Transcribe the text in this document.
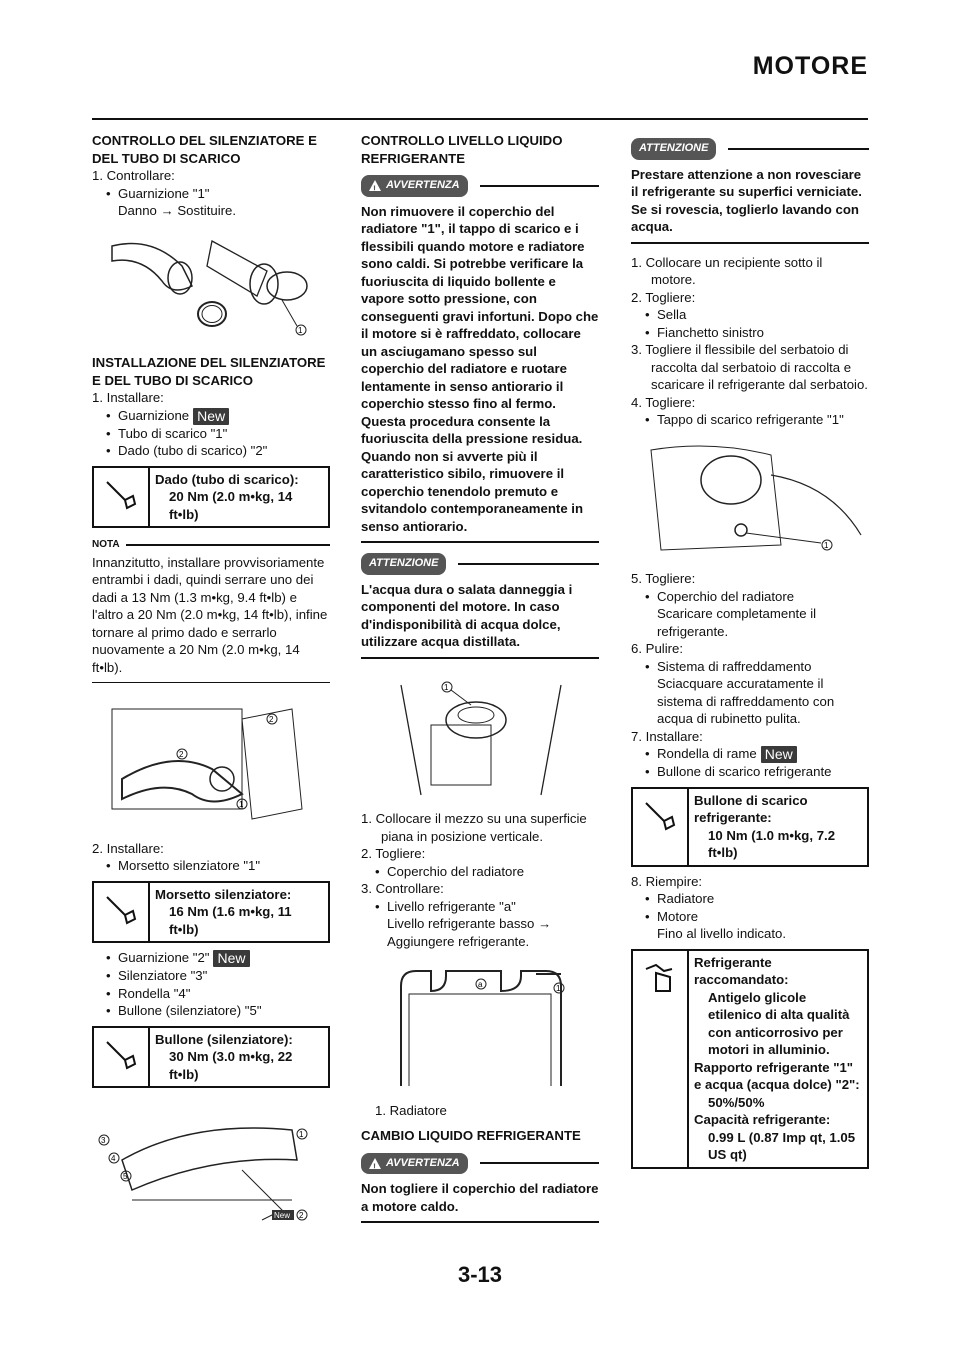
MOTORE
CONTROLLO DEL SILENZIATORE E DEL TUBO DI SCARICO
1. Controllare:
• Guarnizione "1"
Danno → Sostituire.
1
INSTALLAZIONE DEL SILENZIATORE E DEL TUBO DI SCARICO
1. Installare:
• Guarnizione New
• Tubo di scarico "1"
• Dado (tubo di scarico) "2"
Dado (tubo di scarico):
20 Nm (2.0 m•kg, 14 ft•lb)
NOTA
Innanzitutto, installare provvisoriamente entrambi i dadi, quindi serrare uno dei dadi a 13 Nm (1.3 m•kg, 9.4 ft•lb) e l'altro a 20 Nm (2.0 m•kg, 14 ft•lb), infine tornare al primo dado e serrarlo nuovamente a 20 Nm (2.0 m•kg, 14 ft•lb).
2
2
1
2. Installare:
• Morsetto silenziatore "1"
Morsetto silenziatore:
16 Nm (1.6 m•kg, 11 ft•lb)
• Guarnizione "2" New
• Silenziatore "3"
• Rondella "4"
• Bullone (silenziatore) "5"
Bullone (silenziatore):
30 Nm (3.0 m•kg, 22 ft•lb)
3
4
5
1
New 2
CONTROLLO LIVELLO LIQUIDO REFRIGERANTE
!
AVVERTENZA
Non rimuovere il coperchio del radiatore "1", il tappo di scarico e i flessibili quando motore e radiatore sono caldi. Si potrebbe verificare la fuoriuscita di liquido bollente e vapore sotto pressione, con conseguenti gravi infortuni. Dopo che il motore si è raffreddato, collocare un asciugamano spesso sul coperchio del radiatore e ruotare lentamente in senso antiorario il coperchio stesso fino al fermo. Questa procedura consente la fuoriuscita della pressione residua. Quando non si avverte più il caratteristico sibilo, rimuovere il coperchio tenendolo premuto e svitandolo contemporaneamente in senso antiorario.
ATTENZIONE
L'acqua dura o salata danneggia i componenti del motore. In caso d'indisponibilità di acqua dolce, utilizzare acqua distillata.
1
1. Collocare il mezzo su una superficie piana in posizione verticale.
2. Togliere:
• Coperchio del radiatore
3. Controllare:
• Livello refrigerante "a"
Livello refrigerante basso → Aggiungere refrigerante.
a	1
1. Radiatore
CAMBIO LIQUIDO REFRIGERANTE
!
AVVERTENZA
Non togliere il coperchio del radiatore a motore caldo.
ATTENZIONE
Prestare attenzione a non rovesciare il refrigerante su superfici verniciate. Se si rovescia, toglierlo lavando con acqua.
1. Collocare un recipiente sotto il motore.
2. Togliere:
• Sella
• Fianchetto sinistro
3. Togliere il flessibile del serbatoio di raccolta dal serbatoio di raccolta e scaricare il refrigerante dal serbatoio.
4. Togliere:
• Tappo di scarico refrigerante "1"
1
5. Togliere:
• Coperchio del radiatore
Scaricare completamente il refrigerante.
6. Pulire:
• Sistema di raffreddamento
Sciacquare accuratamente il sistema di raffreddamento con acqua di rubinetto pulita.
7. Installare:
• Rondella di rame New
• Bullone di scarico refrigerante
Bullone di scarico refrigerante:
10 Nm (1.0 m•kg, 7.2 ft•lb)
8. Riempire:
• Radiatore
• Motore
Fino al livello indicato.
Refrigerante raccomandato:
Antigelo glicole etilenico di alta qualità con anticorrosivo per motori in alluminio.
Rapporto refrigerante "1" e acqua (acqua dolce) "2":
50%/50%
Capacità refrigerante:
0.99 L (0.87 Imp qt, 1.05 US qt)
3-13
